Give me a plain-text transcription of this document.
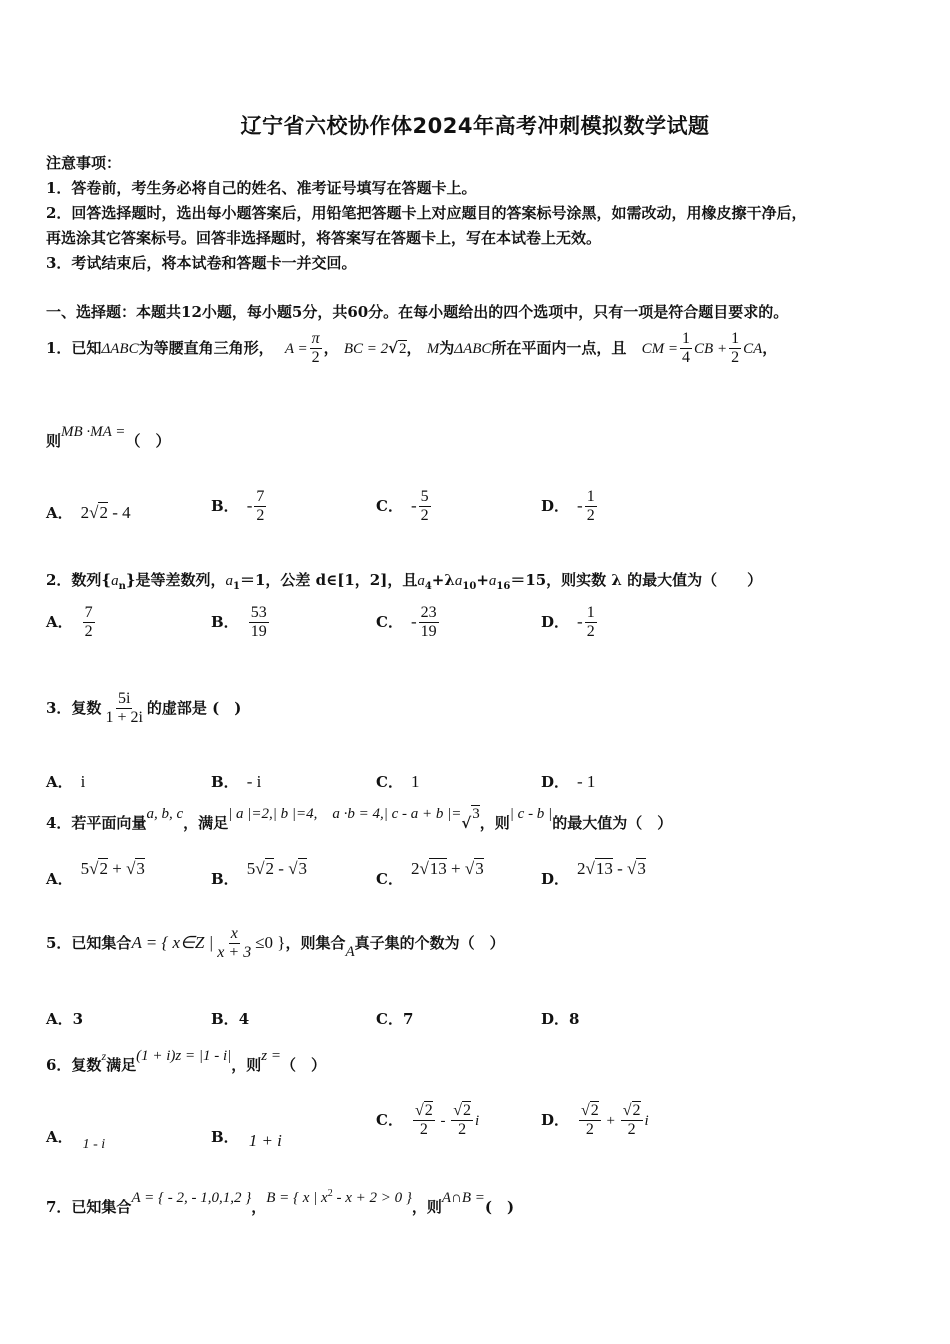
辽宁省六校协作体2024年高考冲刺模拟数学试题
注意事项：
1．答卷前，考生务必将自己的姓名、准考证号填写在答题卡上。
2．回答选择题时，选出每小题答案后，用铅笔把答题卡上对应题目的答案标号涂黑，如需改动，用橡皮擦干净后，
再选涂其它答案标号。回答非选择题时，将答案写在答题卡上，写在本试卷上无效。
3．考试结束后，将本试卷和答题卡一并交回。
一、选择题：本题共12小题，每小题5分，共60分。在每小题给出的四个选项中，只有一项是符合题目要求的。
1．已知ΔABC为等腰直角三角形， $A = \frac{\pi}{2}$ ， BC = 2√2， M为ΔABC所在平面内一点，且 CM = $\frac{1}{4}$ CB + $\frac{1}{2}$ CA，
则MB ·MA =（　）
A． 2√2 - 4	B． - $\frac{7}{2}$	C． - $\frac{5}{2}$	D． - $\frac{1}{2}$
2．数列$\{a_n\}$是等差数列，$a_1=1$，公差 d∈[1，2]，且$a_4+\lambda a_{10}+a_{16}=15$，则实数 λ 的最大值为（　　）
A． $\frac{7}{2}$	B． $\frac{53}{19}$	C． - $\frac{23}{19}$	D． - $\frac{1}{2}$
3．复数 $\frac{5i}{1 + 2i}$ 的虚部是 (　)
A． i	B． - i	C． 1	D． - 1
4．若平面向量a, b, c，满足| a |=2,| b |=4,　a ·b = 4,| c - a + b |=√3，则| c - b |的最大值为（　）
A．5√2 + √3
B．5√2 - √3
C．2√13 + √3
D．2√13 - √3
5．已知集合A = { x∈Z | $\frac{x}{x + 3} \le 0$ }，则集合A真子集的个数为（　）
A．3	B．4	C．7	D．8
6．复数$^z$满足(1 + i)z = |1 - i|，则z =（　）
A． 1 - i	B． 1 + i
C． $\frac{√2}{2} - \frac{√2}{2}$ i	D． $\frac{√2}{2} + \frac{√2}{2}$ i
7．已知集合A = { - 2, - 1,0,1,2 }，B = { x | $x^2 - x + 2 > 0$ }，则A∩B =(　)
